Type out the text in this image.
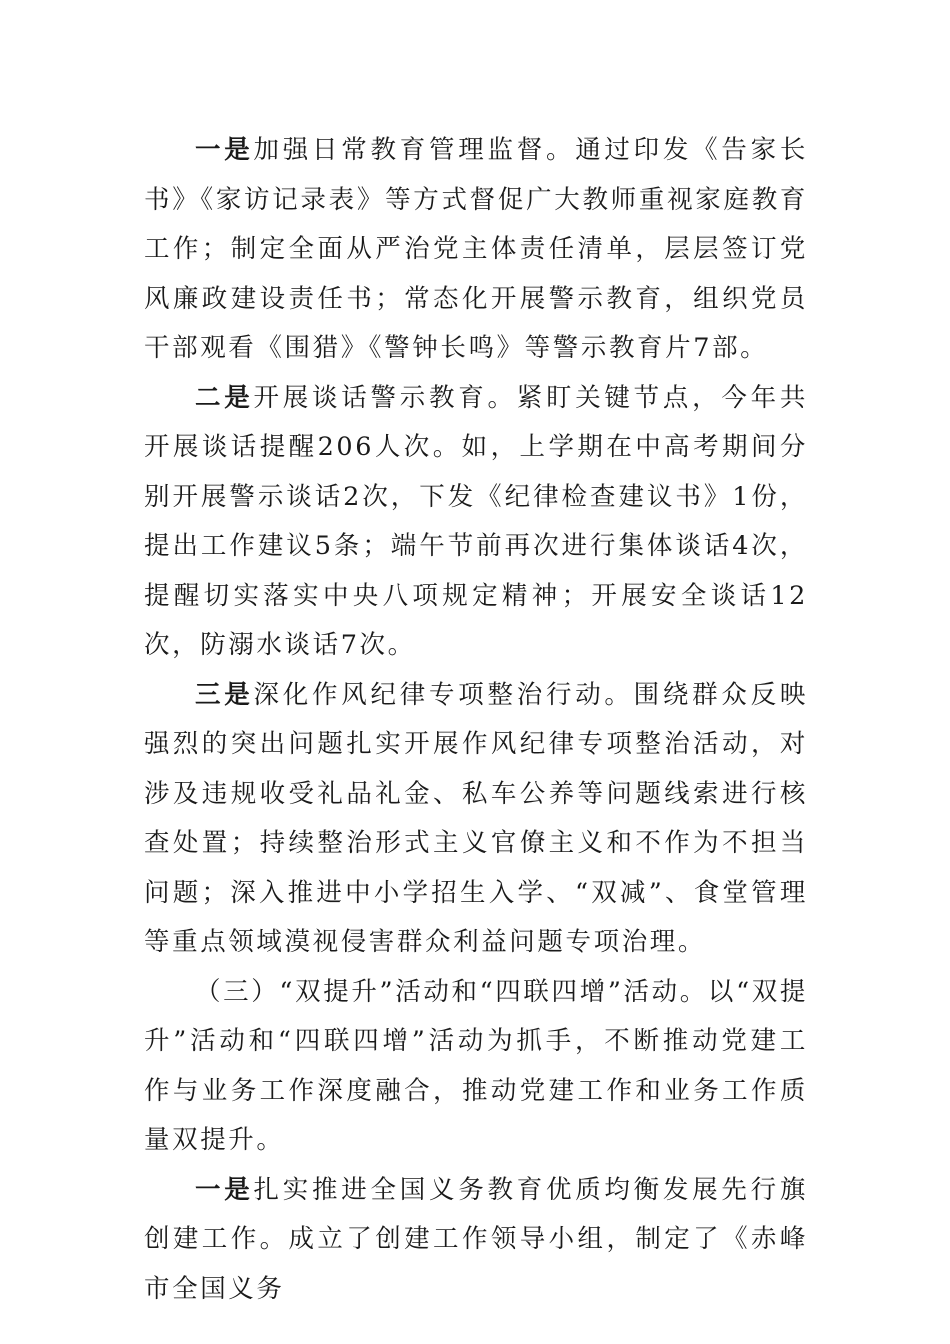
一是加强日常教育管理监督。通过印发《告家长书》《家访记录表》等方式督促广大教师重视家庭教育工作；制定全面从严治党主体责任清单，层层签订党风廉政建设责任书；常态化开展警示教育，组织党员干部观看《围猎》《警钟长鸣》等警示教育片7部。

二是开展谈话警示教育。紧盯关键节点，今年共开展谈话提醒206人次。如，上学期在中高考期间分别开展警示谈话2次，下发《纪律检查建议书》1份，提出工作建议5条；端午节前再次进行集体谈话4次，提醒切实落实中央八项规定精神；开展安全谈话12次，防溺水谈话7次。

三是深化作风纪律专项整治行动。围绕群众反映强烈的突出问题扎实开展作风纪律专项整治活动，对涉及违规收受礼品礼金、私车公养等问题线索进行核查处置；持续整治形式主义官僚主义和不作为不担当问题；深入推进中小学招生入学、“双减”、食堂管理等重点领域漠视侵害群众利益问题专项治理。

（三）“双提升”活动和“四联四增”活动。以“双提升”活动和“四联四增”活动为抓手，不断推动党建工作与业务工作深度融合，推动党建工作和业务工作质量双提升。

一是扎实推进全国义务教育优质均衡发展先行旗创建工作。成立了创建工作领导小组，制定了《赤峰市全国义务
